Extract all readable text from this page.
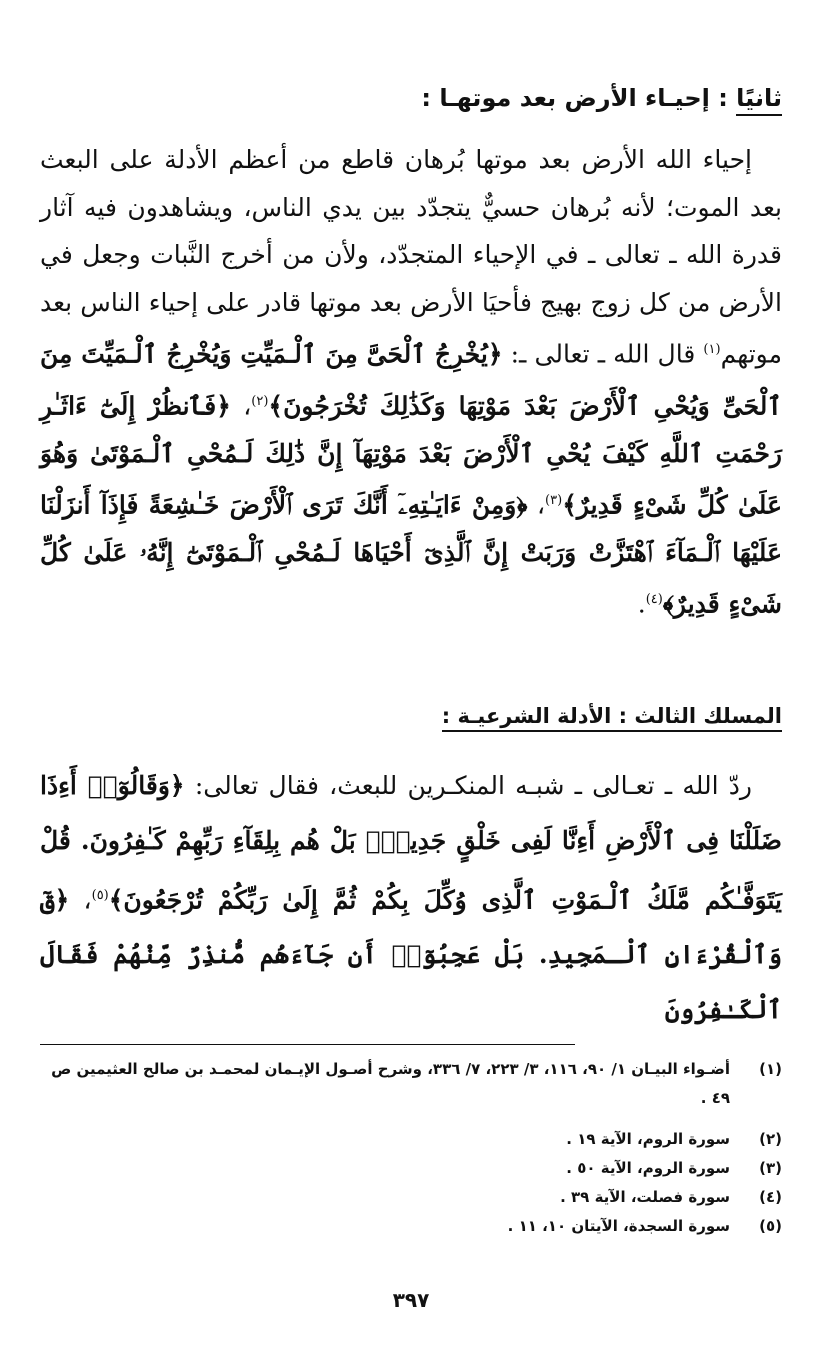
ثانيًا : إحيـاء الأرض بعد موتهـا :
إحياء الله الأرض بعد موتها بُرهان قاطع من أعظم الأدلة على البعث بعد الموت؛ لأنه بُرهان حسيٌّ يتجدّد بين يدي الناس، ويشاهدون فيه آثار قدرة الله ـ تعالى ـ في الإحياء المتجدّد، ولأن من أخرج النَّبات وجعل في الأرض من كل زوج بهيج فأحيَا الأرض بعد موتها قادر على إحياء الناس بعد موتهم$^{(١)}$ قال الله ـ تعالى ـ: ﴿يُخْرِجُ ٱلْحَىَّ مِنَ ٱلْـمَيِّتِ وَيُخْرِجُ ٱلْـمَيِّتَ مِنَ ٱلْحَىِّ وَيُحْىِ ٱلْأَرْضَ بَعْدَ مَوْتِهَا وَكَذَٰلِكَ تُخْرَجُونَ﴾$^{(٢)}$، ﴿فَٱنظُرْ إِلَىٰٓ ءَاثَـٰرِ رَحْمَتِ ٱللَّهِ كَيْفَ يُحْىِ ٱلْأَرْضَ بَعْدَ مَوْتِهَآ إِنَّ ذَٰلِكَ لَـمُحْىِ ٱلْـمَوْتَىٰ وَهُوَ عَلَىٰ كُلِّ شَىْءٍ قَدِيرٌ﴾$^{(٣)}$، ﴿وَمِنْ ءَايَـٰتِهِۦٓ أَنَّكَ تَرَى ٱلْأَرْضَ خَـٰشِعَةً فَإِذَآ أَنزَلْنَا عَلَيْهَا ٱلْـمَآءَ ٱهْتَزَّتْ وَرَبَتْ إِنَّ ٱلَّذِىٓ أَحْيَاهَا لَـمُحْىِ ٱلْـمَوْتَىٰٓ إِنَّهُۥ عَلَىٰ كُلِّ شَىْءٍ قَدِيرٌ﴾$^{(٤)}$.
المسلك الثالث : الأدلة الشرعيـة :
ردّ الله ـ تعـالى ـ شبـه المنكـرين للبعث، فقال تعالى: ﴿وَقَالُوٓا۟ أَءِذَا ضَلَلْنَا فِى ٱلْأَرْضِ أَءِنَّا لَفِى خَلْقٍ جَدِيدٍۭ بَلْ هُم بِلِقَآءِ رَبِّهِمْ كَـٰفِرُونَ. قُلْ يَتَوَفَّـٰكُم مَّلَكُ ٱلْـمَوْتِ ٱلَّذِى وُكِّلَ بِكُمْ ثُمَّ إِلَىٰ رَبِّكُمْ تُرْجَعُونَ﴾$^{(٥)}$، ﴿قٓ وَٱلْقُرْءَانِ ٱلْـمَجِيدِ. بَلْ عَجِبُوٓا۟ أَن جَآءَهُم مُّنذِرٌ مِّنْهُمْ فَقَالَ ٱلْكَـٰفِرُونَ
(١)
أضـواء البيـان ١/ ٩٠، ١١٦، ٣/ ٢٢٣، ٧/ ٣٣٦، وشرح أصـول الإيـمان لمحمـد بن صالح العثيمين ص ٤٩ .
(٢)
سورة الروم، الآية ١٩ .
(٣)
سورة الروم، الآية ٥٠ .
(٤)
سورة فصلت، الآية ٣٩ .
(٥)
سورة السجدة، الآيتان ١٠، ١١ .
٣٩٧
